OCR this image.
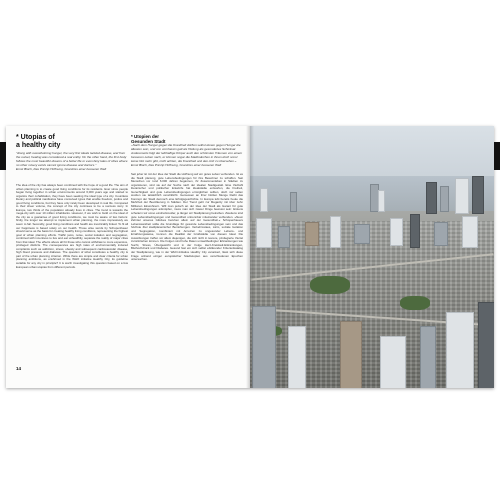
* Utopias of
a healthy city
* Utopien der
Gesunden Stadt
"Along with overwhelming hunger, the very first ideals tackled disease, and from the outset, healing was considered a real entity. On the other hand, the first body follows the most beautiful dreams of a better life or even fairy tales of cities where no other misery exists cannot ignore disease and doctors."
Ernst Bloch, Das Prinzip Hoffnung, Grundriss einer besseren Welt
»Nach dem Hunger gegen die Krankheit dürften selbst denen gegen Hunger die ältesten sein, und von vornherein galt als Heilung als gesondertes Schicksal. Andererseits folgt der leibhaftige Körper auch den schönsten Träumen von einem besseren Leben nach, er können sogar die Stadtmärchen in ihnen doch sonst keine Not mehr gibt, nicht achten, die Krankheit und den Arzt zu übersehen.«
Ernst Bloch, Das Prinzip Hoffnung, Grundriss einer besseren Welt
The idea of the city has always been combined with the hope of a good life. The aim of urban planning is to create good living conditions for its residents. Ever since people began living together in urban environments around 6,000 years ago and started to organize their cohabitation, they have been seeking the ideal type of a city. Countless literary and political manifestos have conceived types that enable freedom, justice and good living conditions, but they have only rarely been developed in real life. Compared to their sheer volume, the concept of the city continues to be a success story. In Europe, two thirds of the population already lives in cities. The trend is towards the mega-city with over 10 million inhabitants. However, if we wish to build on the ideal of the city as a guarantee of good living conditions, we must be aware of two factors: firstly, the longer we attempt to implement urban planning, the more impressively we seem to fail. Secondly, good living conditions and health are inextricably linked. To fit all our happiness is based solely on our health. Those wise words by Schopenhauer should serve as the basis for creating healthy living conditions, representing the highest goal of urban planning efforts. Traffic jams, noise, social isolation and segregation, combined with incentives to live and eat unhealthily, separate the reality of major cities from that ideal. The effects above all hit those who cannot withdraw to more expensive, privileged districts. The consequences are high rates of environmentally induced complaints such as addiction, stress, obesity and subsequent cardiovascular disease, high blood pressure and diabetes. The question of what constitutes a healthy city is part of the urban planning criterion. While there are simple and clear criteria for urban planning ambitions, as enshrined in the WHO initiative Healthy City, its guideline suitable for any city in principle? It is worth investigating this question based on a few European urban utopias from different periods.
Seit jeher ist mit der Idee der Stadt die Hoffnung auf ein gutes Leben verbunden. Ist es die Stadt planung, gute Lebensbedingungen für ihre Bewohner zu schaffen. Seit Menschen vor rund 6.000 Jahren begannen, ihr Zusammenleben in Städten zu organisieren, sind sie auf der Suche nach der idealen Stadtgestalt. Eine Vielzahl literarischer und politischer Entwürfe hat Idealstädte entworfen, die Freiheit, Gerechtigkeit und gute Lebensbedingungen ermöglichen sollten, doch nur selten wurden sie tatsächlich verwirklicht. Gemessen an ihrer bloßen Menge bleibt das Konzept der Stadt dennoch eine Erfolgsgeschichte. In Europa lebt bereits heute die Mehrheit der Bevölkerung in Städten. Der Trend geht zur Megacity mit über zehn Millionen Einwohnern. Will man jedoch an der Idee der Stadt als Garant für gute Lebensbedingungen anknüpfen, muss man sich zweier Dinge bewusst sein: Erstens scheitern wir umso eindrucksvoller, je länger wir Stadtplanung betreiben. Zweitens sind gute Lebensbedingungen und Gesundheit untrennbar miteinander verbunden. »Neun Zehntel unseres Glückes beruhen allein auf der Gesundheit.« Schopenhauers Lebensweisheit sollte die Grundlage für gesunde Lebensbedingungen sein und das höchste Ziel stadtplanerischer Bemühungen. Verkehrsstaus, Lärm, soziale Isolation und Segregation, kombiniert mit Anreizen zu ungesunder Lebens- und Ernährungsweise, trennen die Realität der Großstädte von diesem Ideal. Die Auswirkungen treffen vor allem diejenigen, die sich nicht in teurere, privilegierte Viertel zurückziehen können. Die Folgen sind hohe Raten umweltbedingter Erkrankungen wie Sucht, Stress, Übergewicht und in der Folge Herz-Kreislauf-Erkrankungen, Bluthochdruck und Diabetes. Gesund fast ein sich selbst erklärender Kriterienkatalog der Stadtplanung, wie in der WHO-Initiative Healthy City verankert, lässt sich diese Frage anhand einiger europäischer Stadtutopien aus verschiedenen Epochen untersuchen.
14
